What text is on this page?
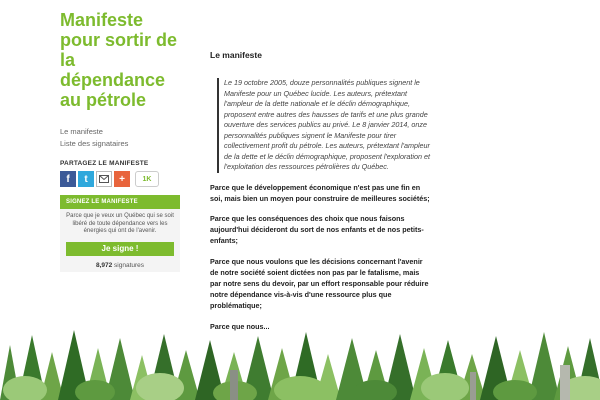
Manifeste pour sortir de la dépendance au pétrole
Le manifeste
Liste des signataires
PARTAGEZ LE MANIFESTE
f	t	+	1K
SIGNEZ LE MANIFESTE
Parce que je veux un Québec qui se soit libéré de toute dépendance vers les énergies qui ont de l'avenir.
Je signe !
8,972 signatures
Le manifeste
Le 19 octobre 2005, douze personnalités publiques signent le Manifeste pour un Québec lucide. Les auteurs, prétextant l'ampleur de la dette nationale et le déclin démographique, proposent entre autres des hausses de tarifs et une plus grande ouverture des services publics au privé. Le 8 janvier 2014, onze personnalités publiques signent le Manifeste pour tirer collectivement profit du pétrole. Les auteurs, prétextant l'ampleur de la dette et le déclin démographique, proposent l'exploration et l'exploitation des ressources pétrolières du Québec.

Parce que le développement économique n'est pas une fin en soi, mais bien un moyen pour construire de meilleures sociétés;

Parce que les conséquences des choix que nous faisons aujourd'hui décideront du sort de nos enfants et de nos petits-enfants;

Parce que nous voulons que les décisions concernant l'avenir de notre société soient dictées non pas par le fatalisme, mais par notre sens du devoir, par un effort responsable pour réduire notre dépendance vis-à-vis d'une ressource plus que problématique;

Parce que nous...
